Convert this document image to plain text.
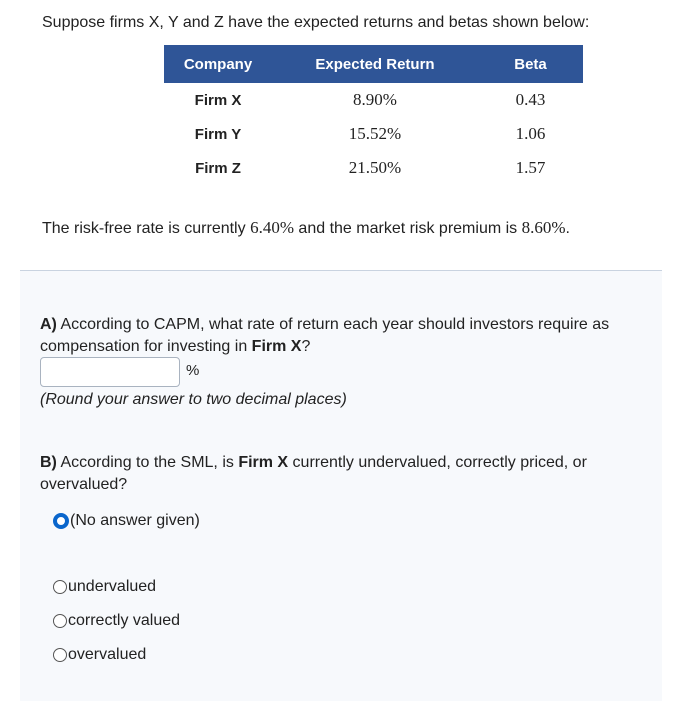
Suppose firms X, Y and Z have the expected returns and betas shown below:
Company	Expected Return	Beta
Firm X	8.90%	0.43
Firm Y	15.52%	1.06
Firm Z	21.50%	1.57
The risk-free rate is currently 6.40% and the market risk premium is 8.60%.
A) According to CAPM, what rate of return each year should investors require as compensation for investing in Firm X?
%
(Round your answer to two decimal places)
B) According to the SML, is Firm X currently undervalued, correctly priced, or overvalued?
(No answer given)
undervalued
correctly valued
overvalued
